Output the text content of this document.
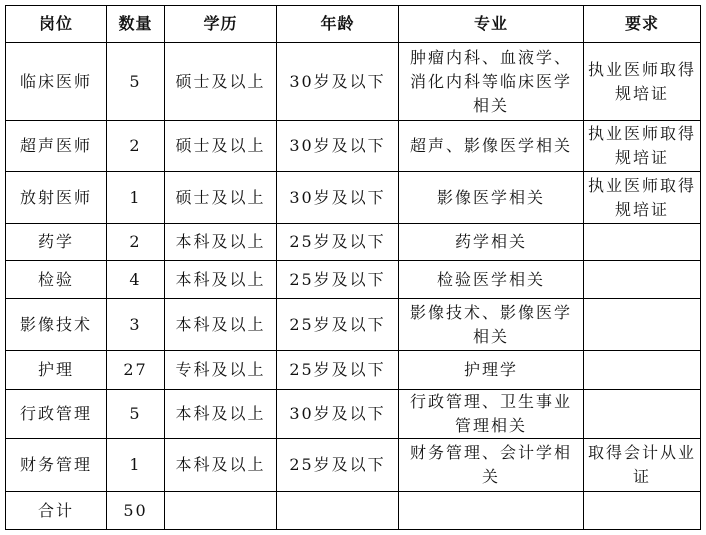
岗位	数量	学历	年龄	专业	要求
临床医师	5	硕士及以上	30岁及以下	肿瘤内科、血液学、消化内科等临床医学相关	执业医师取得规培证
超声医师	2	硕士及以上	30岁及以下	超声、影像医学相关	执业医师取得规培证
放射医师	1	硕士及以上	30岁及以下	影像医学相关	执业医师取得规培证
药学	2	本科及以上	25岁及以下	药学相关	
检验	4	本科及以上	25岁及以下	检验医学相关	
影像技术	3	本科及以上	25岁及以下	影像技术、影像医学相关	
护理	27	专科及以上	25岁及以下	护理学	
行政管理	5	本科及以上	30岁及以下	行政管理、卫生事业管理相关	
财务管理	1	本科及以上	25岁及以下	财务管理、会计学相关	取得会计从业证
合计	50				
